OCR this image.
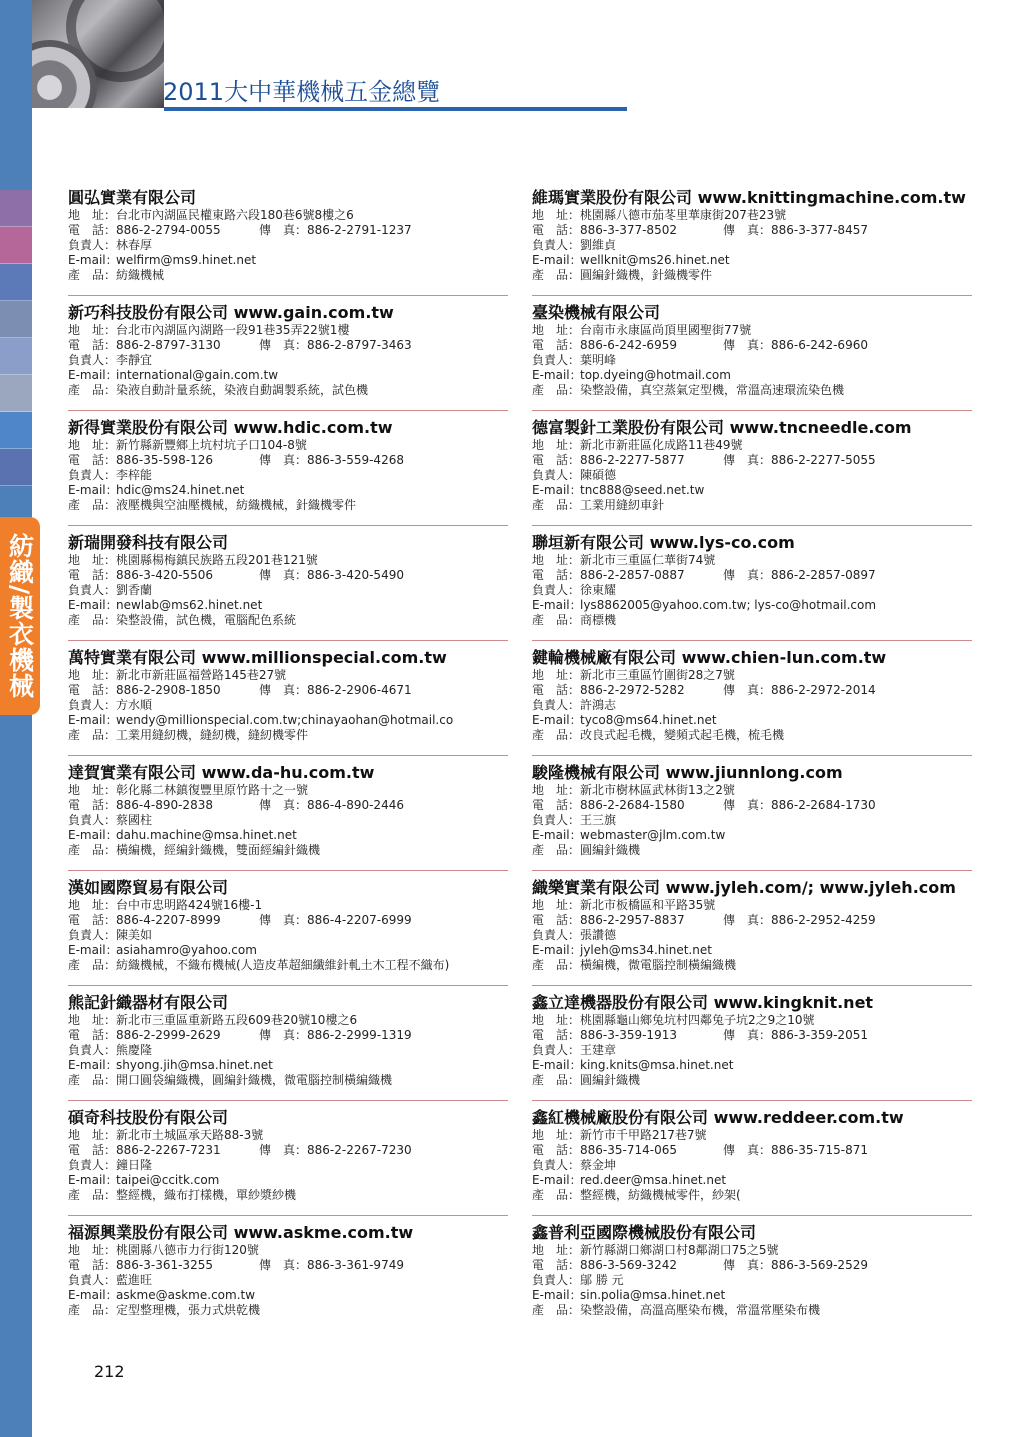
紡織/製衣機械
2011大中華機械五金總覽
圓弘實業有限公司
地　址：台北市內湖區民權東路六段180巷6號8樓之6
電　話：886-2-2794-0055	傳　真：886-2-2791-1237
負責人：林春厚
E-mail：welfirm@ms9.hinet.net
產　品：紡織機械
新巧科技股份有限公司 www.gain.com.tw
地　址：台北市內湖區內湖路一段91巷35弄22號1樓
電　話：886-2-8797-3130	傳　真：886-2-8797-3463
負責人：李靜宜
E-mail：international@gain.com.tw
產　品：染液自動計量系統，染液自動調製系統，試色機
新得實業股份有限公司 www.hdic.com.tw
地　址：新竹縣新豐鄉上坑村坑子口104-8號
電　話：886-35-598-126	傳　真：886-3-559-4268
負責人：李梓能
E-mail：hdic@ms24.hinet.net
產　品：液壓機與空油壓機械，紡織機械，針織機零件
新瑞開發科技有限公司
地　址：桃園縣楊梅鎮民族路五段201巷121號
電　話：886-3-420-5506	傳　真：886-3-420-5490
負責人：劉香蘭
E-mail：newlab@ms62.hinet.net
產　品：染整設備，試色機，電腦配色系統
萬特實業有限公司 www.millionspecial.com.tw
地　址：新北市新莊區福營路145巷27號
電　話：886-2-2908-1850	傳　真：886-2-2906-4671
負責人：方水順
E-mail：wendy@millionspecial.com.tw;chinayaohan@hotmail.co
產　品：工業用縫紉機，縫紉機，縫紉機零件
達賀實業有限公司 www.da-hu.com.tw
地　址：彰化縣二林鎮復豐里原竹路十之一號
電　話：886-4-890-2838	傳　真：886-4-890-2446
負責人：蔡國柱
E-mail：dahu.machine@msa.hinet.net
產　品：橫編機，經編針織機，雙面經編針織機
漢如國際貿易有限公司
地　址：台中市忠明路424號16樓-1
電　話：886-4-2207-8999	傳　真：886-4-2207-6999
負責人：陳美如
E-mail：asiahamro@yahoo.com
產　品：紡織機械，不織布機械(人造皮革超細纖維針軋土木工程不織布)
熊記針織器材有限公司
地　址：新北市三重區重新路五段609巷20號10樓之6
電　話：886-2-2999-2629	傳　真：886-2-2999-1319
負責人：熊慶隆
E-mail：shyong.jih@msa.hinet.net
產　品：開口圓袋編織機，圓編針織機，微電腦控制橫編織機
碩奇科技股份有限公司
地　址：新北市土城區承天路88-3號
電　話：886-2-2267-7231	傳　真：886-2-2267-7230
負責人：鐘日隆
E-mail：taipei@ccitk.com
產　品：整經機，織布打樣機，單紗漿紗機
福源興業股份有限公司 www.askme.com.tw
地　址：桃園縣八德市力行街120號
電　話：886-3-361-3255	傳　真：886-3-361-9749
負責人：藍進旺
E-mail：askme@askme.com.tw
產　品：定型整理機，張力式烘乾機
維瑪實業股份有限公司 www.knittingmachine.com.tw
地　址：桃園縣八德市茄苳里華康街207巷23號
電　話：886-3-377-8502	傳　真：886-3-377-8457
負責人：劉維貞
E-mail：wellknit@ms26.hinet.net
產　品：圓編針織機，針織機零件
臺染機械有限公司
地　址：台南市永康區尚頂里國聖街77號
電　話：886-6-242-6959	傳　真：886-6-242-6960
負責人：葉明峰
E-mail：top.dyeing@hotmail.com
產　品：染整設備，真空蒸氣定型機，常溫高速環流染色機
德富製針工業股份有限公司 www.tncneedle.com
地　址：新北市新莊區化成路11巷49號
電　話：886-2-2277-5877	傳　真：886-2-2277-5055
負責人：陳碩德
E-mail：tnc888@seed.net.tw
產　品：工業用縫紉車針
聯垣新有限公司 www.lys-co.com
地　址：新北市三重區仁華街74號
電　話：886-2-2857-0887	傳　真：886-2-2857-0897
負責人：徐東耀
E-mail：lys8862005@yahoo.com.tw; lys-co@hotmail.com
產　品：商標機
鍵輪機械廠有限公司 www.chien-lun.com.tw
地　址：新北市三重區竹圍街28之7號
電　話：886-2-2972-5282	傳　真：886-2-2972-2014
負責人：許鴻志
E-mail：tyco8@ms64.hinet.net
產　品：改良式起毛機，變頻式起毛機，梳毛機
駿隆機械有限公司 www.jiunnlong.com
地　址：新北市樹林區武林街13之2號
電　話：886-2-2684-1580	傳　真：886-2-2684-1730
負責人：王三旗
E-mail：webmaster@jlm.com.tw
產　品：圓編針織機
織樂實業有限公司 www.jyleh.com/; www.jyleh.com
地　址：新北市板橋區和平路35號
電　話：886-2-2957-8837	傳　真：886-2-2952-4259
負責人：張讚德
E-mail：jyleh@ms34.hinet.net
產　品：橫編機，微電腦控制橫編織機
鑫立達機器股份有限公司 www.kingknit.net
地　址：桃園縣龜山鄉兔坑村四鄰兔子坑2之9之10號
電　話：886-3-359-1913	傳　真：886-3-359-2051
負責人：王建章
E-mail：king.knits@msa.hinet.net
產　品：圓編針織機
鑫紅機械廠股份有限公司 www.reddeer.com.tw
地　址：新竹市千甲路217巷7號
電　話：886-35-714-065	傳　真：886-35-715-871
負責人：蔡金坤
E-mail：red.deer@msa.hinet.net
產　品：整經機，紡織機械零件，紗架(
鑫普利亞國際機械股份有限公司
地　址：新竹縣湖口鄉湖口村8鄰湖口75之5號
電　話：886-3-569-3242	傳　真：886-3-569-2529
負責人：鄔 勝 元
E-mail：sin.polia@msa.hinet.net
產　品：染整設備，高溫高壓染布機，常溫常壓染布機
212
